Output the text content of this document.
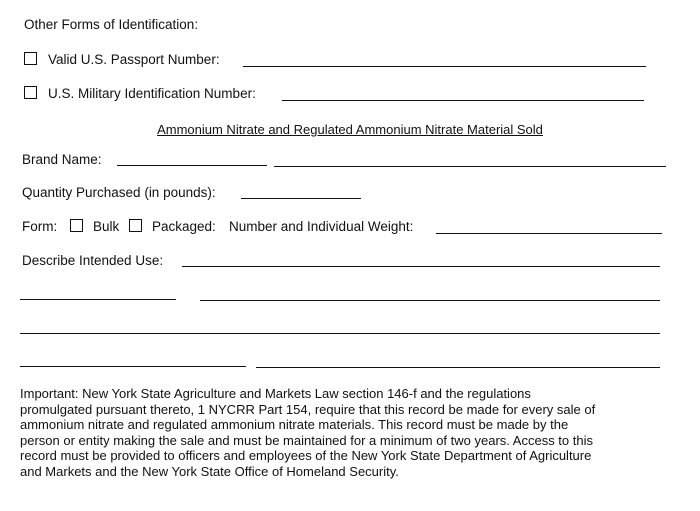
Other Forms of Identification:
Valid U.S. Passport Number:
U.S. Military Identification Number:
Ammonium Nitrate and Regulated Ammonium Nitrate Material Sold
Brand Name:
Quantity Purchased (in pounds):
Form:	Bulk Packaged: Number and Individual Weight:
Describe Intended Use:
Important: New York State Agriculture and Markets Law section 146-f and the regulations
promulgated pursuant thereto, 1 NYCRR Part 154, require that this record be made for every sale of
ammonium nitrate and regulated ammonium nitrate materials. This record must be made by the
person or entity making the sale and must be maintained for a minimum of two years. Access to this
record must be provided to officers and employees of the New York State Department of Agriculture
and Markets and the New York State Office of Homeland Security.
